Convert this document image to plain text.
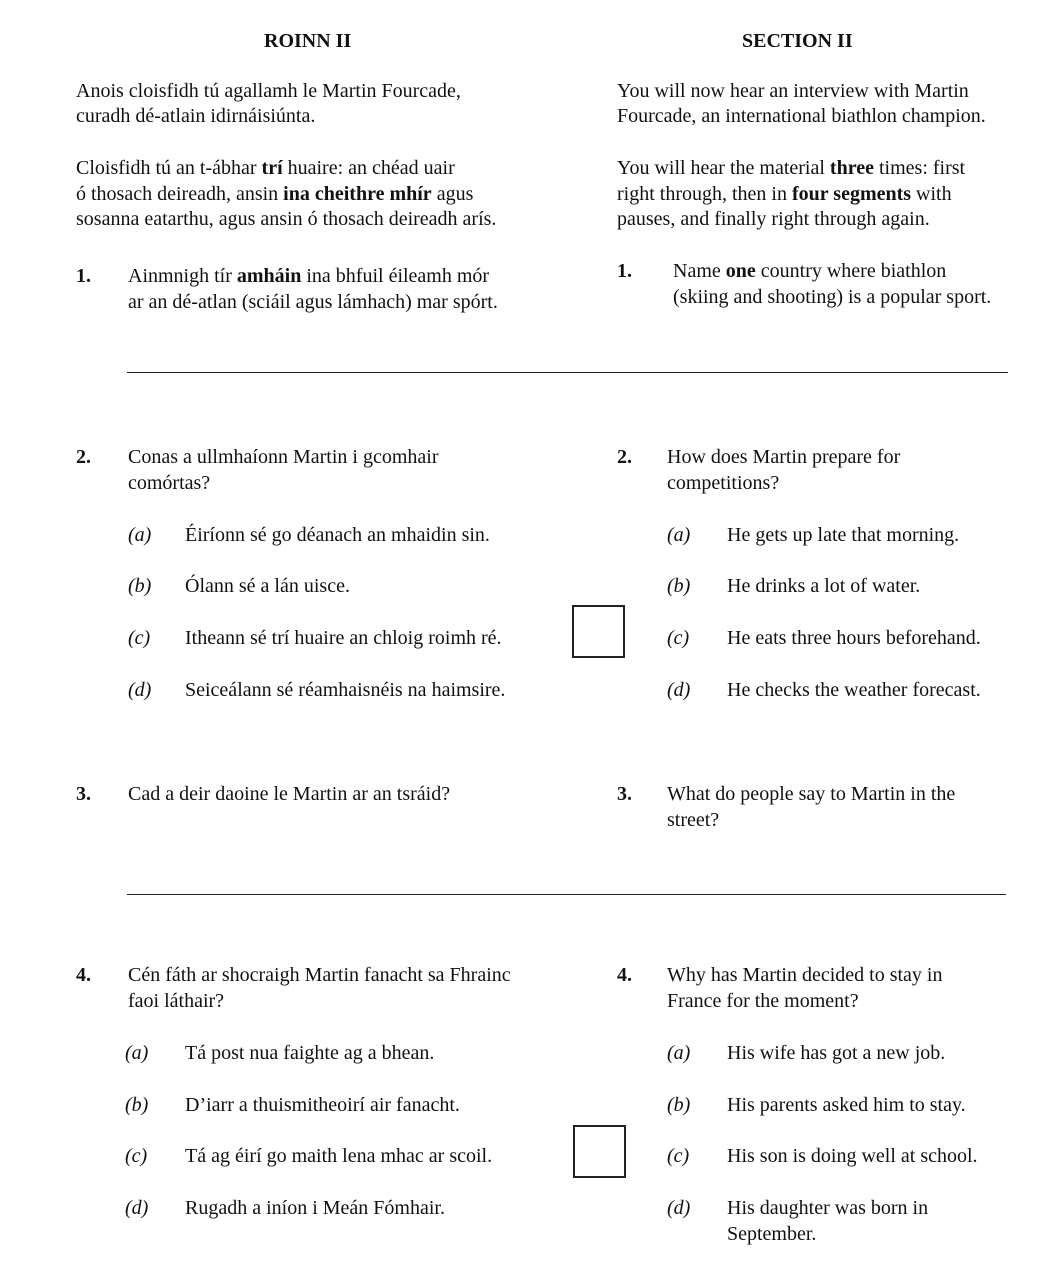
ROINN II	SECTION II
Anois cloisfidh tú agallamh le Martin Fourcade,
curadh dé-atlain idirnáisiúnta.
You will now hear an interview with Martin
Fourcade, an international biathlon champion.
Cloisfidh tú an t-ábhar trí huaire: an chéad uair
ó thosach deireadh, ansin ina cheithre mhír agus
sosanna eatarthu, agus ansin ó thosach deireadh arís.
You will hear the material three times: first
right through, then in four segments with
pauses, and finally right through again.
1. Ainmnigh tír amháin ina bhfuil éileamh mór
ar an dé-atlan (sciáil agus lámhach) mar spórt.
1. Name one country where biathlon
(skiing and shooting) is a popular sport.
2. Conas a ullmhaíonn Martin i gcomhair
comórtas?
2. How does Martin prepare for
competitions?
(a) Éiríonn sé go déanach an mhaidin sin.
(b) Ólann sé a lán uisce.
(c) Itheann sé trí huaire an chloig roimh ré.
(d) Seiceálann sé réamhaisnéis na haimsire.
(a) He gets up late that morning.
(b) He drinks a lot of water.
(c) He eats three hours beforehand.
(d) He checks the weather forecast.
3. Cad a deir daoine le Martin ar an tsráid?	3. What do people say to Martin in the
street?
4. Cén fáth ar shocraigh Martin fanacht sa Fhrainc
faoi láthair?
4. Why has Martin decided to stay in
France for the moment?
(a) Tá post nua faighte ag a bhean.
(b) D’iarr a thuismitheoirí air fanacht.
(c) Tá ag éirí go maith lena mhac ar scoil.
(d) Rugadh a iníon i Meán Fómhair.
(a) His wife has got a new job.
(b) His parents asked him to stay.
(c) His son is doing well at school.
(d) His daughter was born in
September.
